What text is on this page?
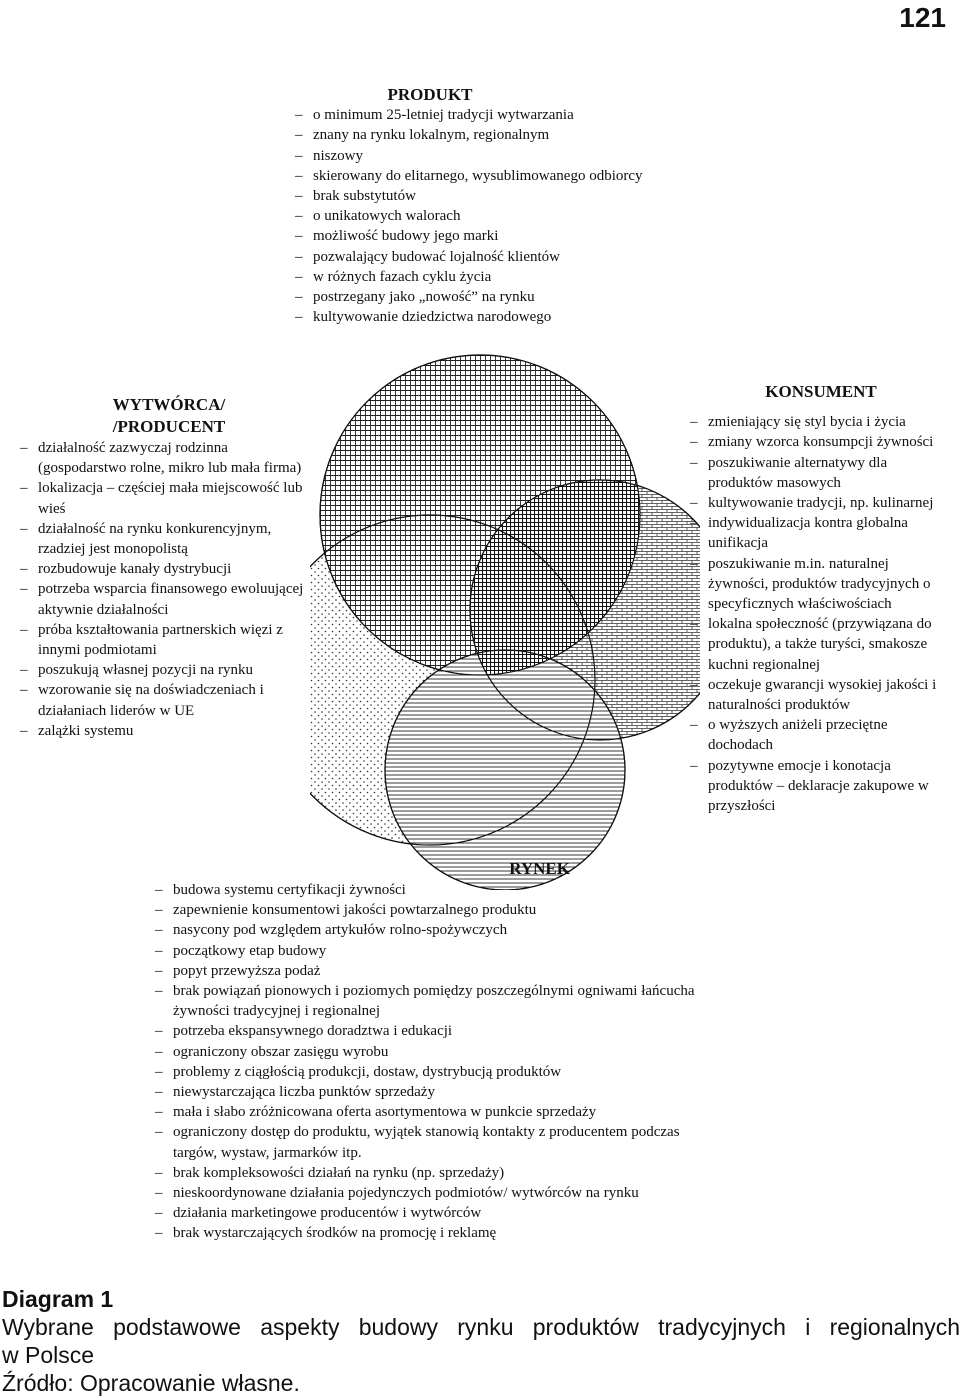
121
PRODUKT
– o minimum 25-letniej tradycji wytwarzania
– znany na rynku lokalnym, regionalnym
– niszowy
– skierowany do elitarnego, wysublimowanego odbiorcy
– brak substytutów
– o unikatowych walorach
– możliwość budowy jego marki
– pozwalający budować lojalność klientów
– w różnych fazach cyklu życia
– postrzegany jako „nowość” na rynku
– kultywowanie dziedzictwa narodowego
WYTWÓRCA/
/PRODUCENT
– działalność zazwyczaj rodzinna (gospodarstwo rolne, mikro lub mała firma)
– lokalizacja – częściej mała miejscowość lub wieś
– działalność na rynku konkurencyjnym, rzadziej jest monopolistą
– rozbudowuje kanały dystrybucji
– potrzeba wsparcia finansowego ewoluującej aktywnie działalności
– próba kształtowania partnerskich więzi z innymi podmiotami
– poszukują własnej pozycji na rynku
– wzorowanie się na doświadczeniach i działaniach liderów w UE
– zalążki systemu
KONSUMENT
– zmieniający się styl bycia i życia
– zmiany wzorca konsumpcji żywności
– poszukiwanie alternatywy dla produktów masowych
– kultywowanie tradycji, np. kulinarnej
– indywidualizacja kontra globalna unifikacja
– poszukiwanie m.in. naturalnej żywności, produktów tradycyjnych o specyficznych właściwościach
– lokalna społeczność (przywiązana do produktu), a także turyści, smakosze kuchni regionalnej
– oczekuje gwarancji wysokiej jakości i naturalności produktów
– o wyższych aniżeli przeciętne dochodach
– pozytywne emocje i konotacja produktów – deklaracje zakupowe w przyszłości
RYNEK
– budowa systemu certyfikacji żywności
– zapewnienie konsumentowi jakości powtarzalnego produktu
– nasycony pod względem artykułów rolno-spożywczych
– początkowy etap budowy
– popyt przewyższa podaż
– brak powiązań pionowych i poziomych pomiędzy poszczególnymi ogniwami łańcucha żywności tradycyjnej i regionalnej
– potrzeba ekspansywnego doradztwa i edukacji
– ograniczony obszar zasięgu wyrobu
– problemy z ciągłością produkcji, dostaw, dystrybucją produktów
– niewystarczająca liczba punktów sprzedaży
– mała i słabo zróżnicowana oferta asortymentowa w punkcie sprzedaży
– ograniczony dostęp do produktu, wyjątek stanowią kontakty z producentem podczas targów, wystaw, jarmarków itp.
– brak kompleksowości działań na rynku (np. sprzedaży)
– nieskoordynowane działania pojedynczych podmiotów/ wytwórców na rynku
– działania marketingowe producentów i wytwórców
– brak wystarczających środków na promocję i reklamę
Diagram 1
Wybrane podstawowe aspekty budowy rynku produktów tradycyjnych i regionalnych
w Polsce
Źródło: Opracowanie własne.
